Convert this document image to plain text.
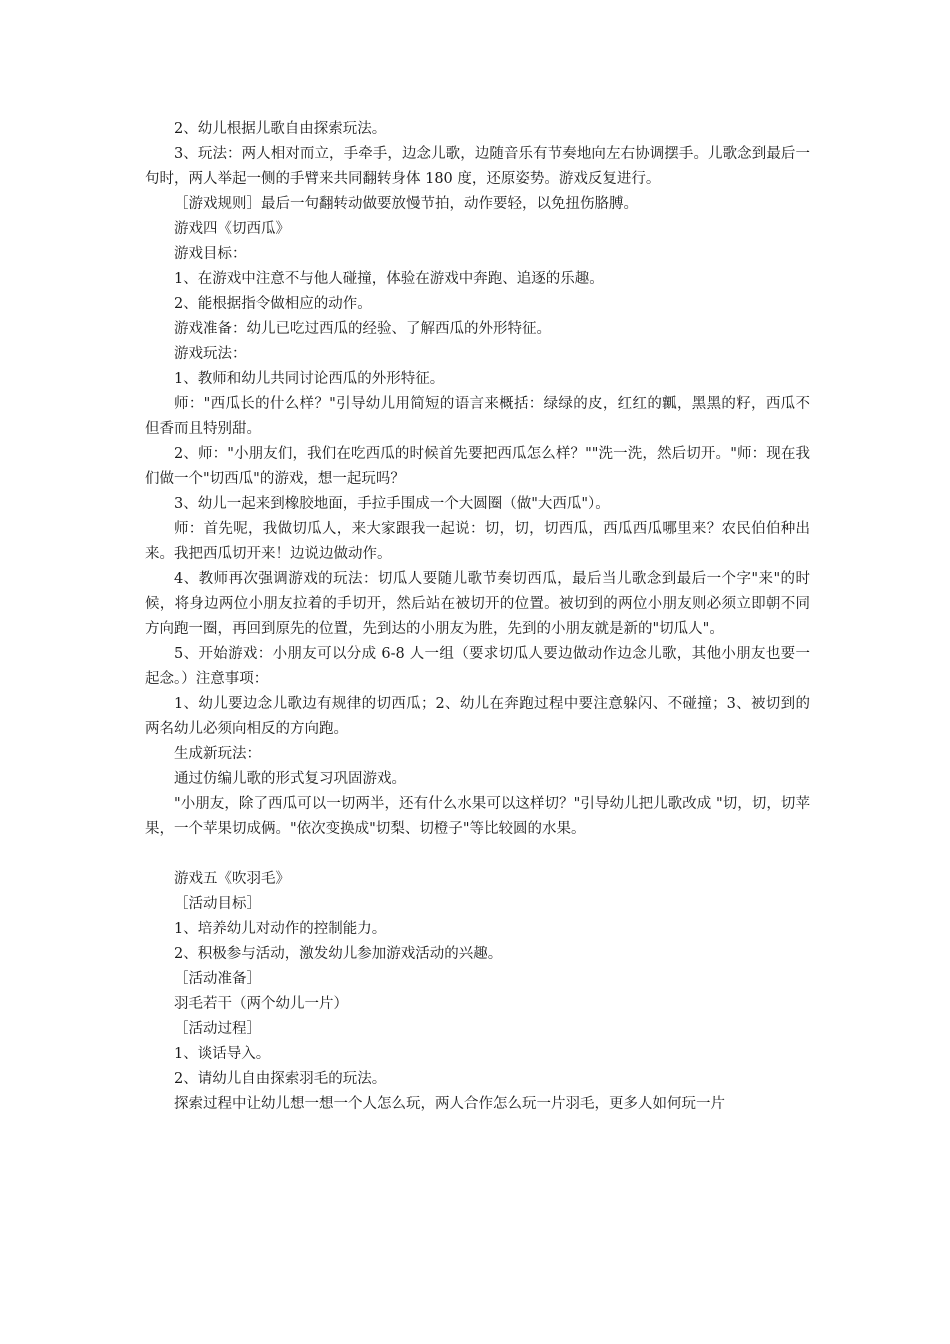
2、幼儿根据儿歌自由探索玩法。

3、玩法：两人相对而立，手牵手，边念儿歌，边随音乐有节奏地向左右协调摆手。儿歌念到最后一句时，两人举起一侧的手臂来共同翻转身体 180 度，还原姿势。游戏反复进行。

［游戏规则］最后一句翻转动做要放慢节拍，动作要轻，以免扭伤胳膊。

游戏四《切西瓜》

游戏目标：

1、在游戏中注意不与他人碰撞，体验在游戏中奔跑、追逐的乐趣。

2、能根据指令做相应的动作。

游戏准备：幼儿已吃过西瓜的经验、了解西瓜的外形特征。

游戏玩法：

1、教师和幼儿共同讨论西瓜的外形特征。

师："西瓜长的什么样？"引导幼儿用简短的语言来概括：绿绿的皮，红红的瓤，黑黑的籽，西瓜不但香而且特别甜。

2、师："小朋友们，我们在吃西瓜的时候首先要把西瓜怎么样？""洗一洗，然后切开。"师：现在我们做一个"切西瓜"的游戏，想一起玩吗？

3、幼儿一起来到橡胶地面，手拉手围成一个大圆圈（做"大西瓜"）。

师：首先呢，我做切瓜人，来大家跟我一起说：切，切，切西瓜，西瓜西瓜哪里来？农民伯伯种出来。我把西瓜切开来！边说边做动作。

4、教师再次强调游戏的玩法：切瓜人要随儿歌节奏切西瓜，最后当儿歌念到最后一个字"来"的时候，将身边两位小朋友拉着的手切开，然后站在被切开的位置。被切到的两位小朋友则必须立即朝不同方向跑一圈，再回到原先的位置，先到达的小朋友为胜，先到的小朋友就是新的"切瓜人"。

5、开始游戏：小朋友可以分成 6-8 人一组（要求切瓜人要边做动作边念儿歌，其他小朋友也要一起念。）注意事项：

1、幼儿要边念儿歌边有规律的切西瓜；2、幼儿在奔跑过程中要注意躲闪、不碰撞；3、被切到的两名幼儿必须向相反的方向跑。

生成新玩法：

通过仿编儿歌的形式复习巩固游戏。

"小朋友，除了西瓜可以一切两半，还有什么水果可以这样切？"引导幼儿把儿歌改成 "切，切，切苹果，一个苹果切成俩。"依次变换成"切梨、切橙子"等比较圆的水果。

游戏五《吹羽毛》

［活动目标］

1、培养幼儿对动作的控制能力。

2、积极参与活动，激发幼儿参加游戏活动的兴趣。

［活动准备］

羽毛若干（两个幼儿一片）

［活动过程］

1、谈话导入。

2、请幼儿自由探索羽毛的玩法。

探索过程中让幼儿想一想一个人怎么玩，两人合作怎么玩一片羽毛，更多人如何玩一片
